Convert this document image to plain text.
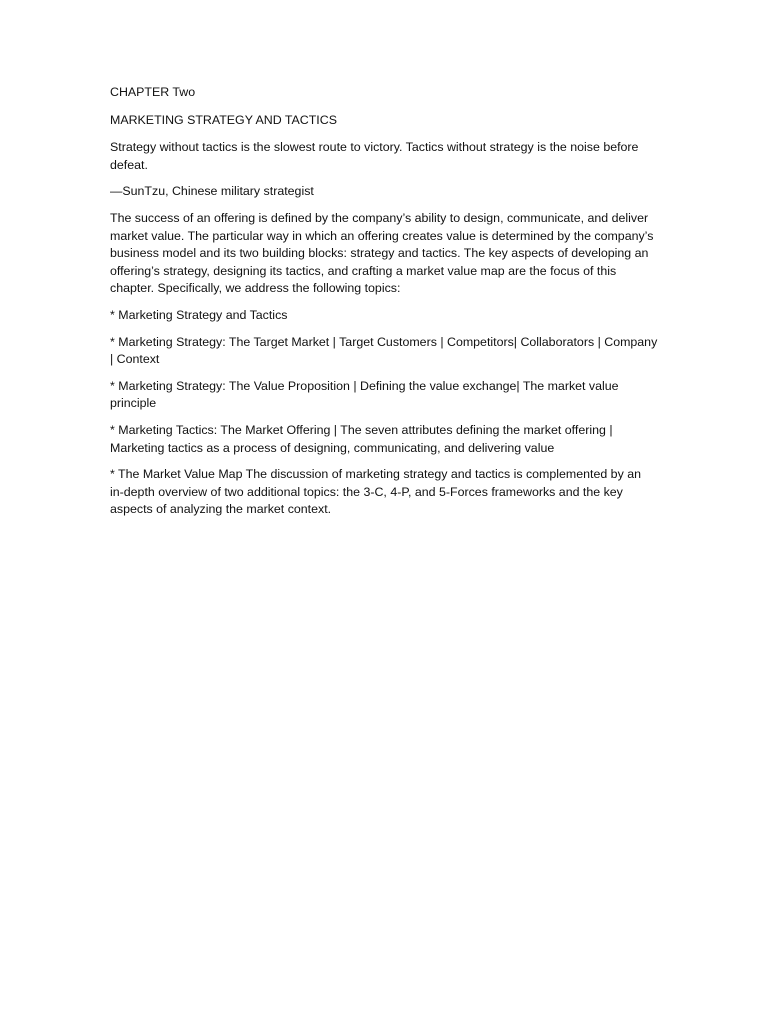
CHAPTER Two

MARKETING STRATEGY AND TACTICS

Strategy without tactics is the slowest route to victory. Tactics without strategy is the noise before defeat.

—SunTzu, Chinese military strategist

The success of an offering is defined by the company’s ability to design, communicate, and deliver market value. The particular way in which an offering creates value is determined by the company’s business model and its two building blocks: strategy and tactics. The key aspects of developing an offering’s strategy, designing its tactics, and crafting a market value map are the focus of this chapter. Specifically, we address the following topics:

* Marketing Strategy and Tactics

* Marketing Strategy: The Target Market | Target Customers | Competitors| Collaborators | Company | Context

* Marketing Strategy: The Value Proposition | Defining the value exchange| The market value principle

* Marketing Tactics: The Market Offering | The seven attributes defining the market offering | Marketing tactics as a process of designing, communicating, and delivering value

* The Market Value Map The discussion of marketing strategy and tactics is complemented by an in-depth overview of two additional topics: the 3-C, 4-P, and 5-Forces frameworks and the key aspects of analyzing the market context.
